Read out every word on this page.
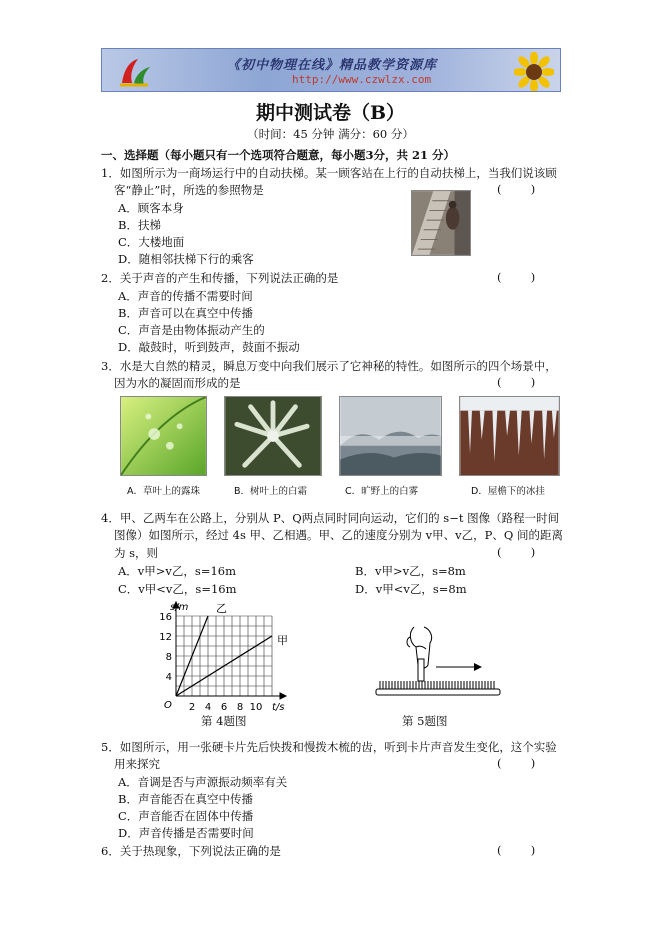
《初中物理在线》精品教学资源库
http://www.czwlzx.com
期中测试卷（B）
（时间：45 分钟 满分：60 分）
一、选择题（每小题只有一个选项符合题意，每小题3分，共 21 分）
1．如图所示为一商场运行中的自动扶梯。某一顾客站在上行的自动扶梯上，当我们说该顾
客“静止”时，所选的参照物是	(        )
A．顾客本身
B．扶梯
C．大楼地面
D．随相邻扶梯下行的乘客
2．关于声音的产生和传播，下列说法正确的是	(        )
A．声音的传播不需要时间
B．声音可以在真空中传播
C．声音是由物体振动产生的
D．敲鼓时，听到鼓声，鼓面不振动
3．水是大自然的精灵，瞬息万变中向我们展示了它神秘的特性。如图所示的四个场景中，
因为水的凝固而形成的是	(        )
A．草叶上的露珠	B．树叶上的白霜	C．旷野上的白雾	D．屋檐下的冰挂
4．甲、乙两车在公路上，分别从 P、Q两点同时同向运动，它们的 s−t 图像（路程一时间
图像）如图所示，经过 4s 甲、乙相遇。甲、乙的速度分别为 v甲、v乙，P、Q 间的距离
为 s，则	(        )
A．v甲>v乙，s=16m	B．v甲>v乙，s=8m
C．v甲<v乙，s=16m	D．v甲<v乙，s=8m
4
8
12
16
2 4 6 8 10
s/m
t/s
O
乙
甲
第 4题图	第 5题图
5．如图所示，用一张硬卡片先后快拨和慢拨木梳的齿，听到卡片声音发生变化，这个实验
用来探究	(        )
A．音调是否与声源振动频率有关
B．声音能否在真空中传播
C．声音能否在固体中传播
D．声音传播是否需要时间
6．关于热现象，下列说法正确的是	(        )
